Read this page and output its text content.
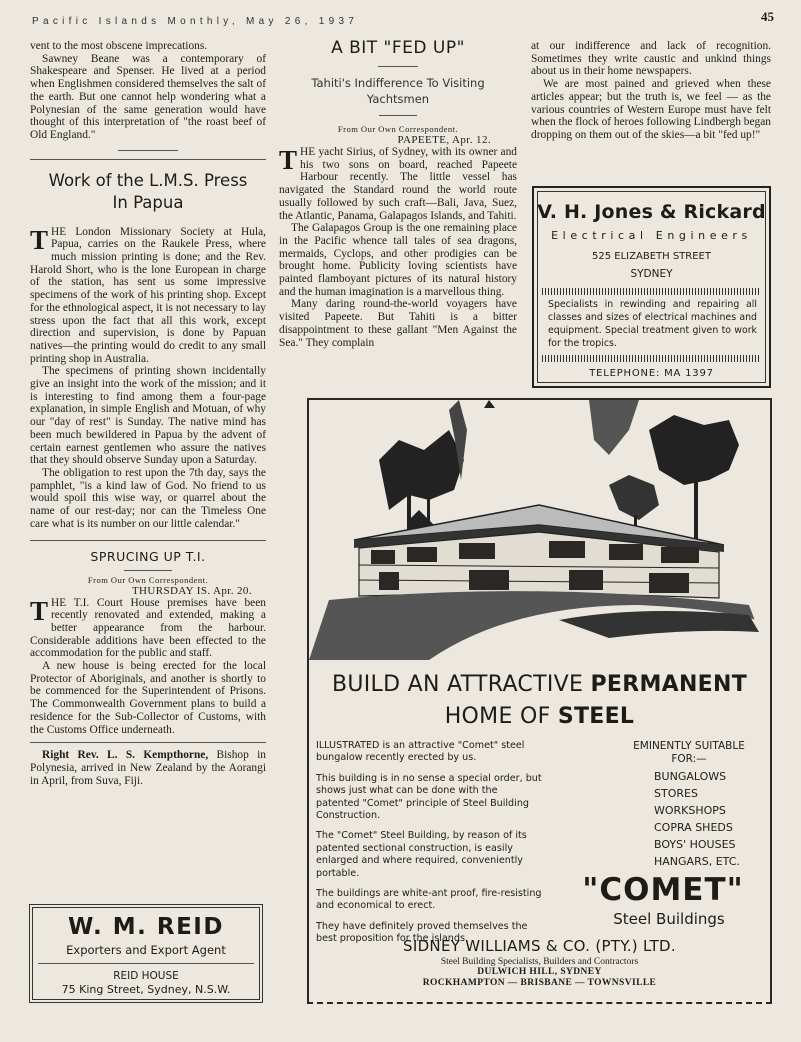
Pacific Islands Monthly, May 26, 1937	45

vent to the most obscene imprecations.

Sawney Beane was a contemporary of Shakespeare and Spenser. He lived at a period when Englishmen considered themselves the salt of the earth. But one cannot help wondering what a Polynesian of the same generation would have thought of this interpretation of "the roast beef of Old England."

Work of the L.M.S. Press In Papua

THE London Missionary Society at Hula, Papua, carries on the Raukele Press, where much mission printing is done; and the Rev. Harold Short, who is the lone European in charge of the station, has sent us some impressive specimens of the work of his printing shop. Except for the ethnological aspect, it is not necessary to lay stress upon the fact that all this work, except direction and supervision, is done by Papuan natives—the printing would do credit to any small printing shop in Australia.

The specimens of printing shown incidentally give an insight into the work of the mission; and it is interesting to find among them a four-page explanation, in simple English and Motuan, of why our "day of rest" is Sunday. The native mind has been much bewildered in Papua by the advent of certain earnest gentlemen who assure the natives that they should observe Sunday upon a Saturday.

The obligation to rest upon the 7th day, says the pamphlet, "is a kind law of God. No friend to us would spoil this wise way, or quarrel about the name of our rest-day; nor can the Timeless One care what is its number on our little calendar."

SPRUCING UP T.I.
From Our Own Correspondent.
THURSDAY IS. Apr. 20.

THE T.I. Court House premises have been recently renovated and extended, making a better appearance from the harbour. Considerable additions have been effected to the accommodation for the public and staff.

A new house is being erected for the local Protector of Aboriginals, and another is shortly to be commenced for the Superintendent of Prisons. The Commonwealth Government plans to build a residence for the Sub-Collector of Customs, with the Customs Office underneath.

Right Rev. L. S. Kempthorne, Bishop in Polynesia, arrived in New Zealand by the Aorangi in April, from Suva, Fiji.

W. M. REID
Exporters and Export Agent
REID HOUSE
75 King Street, Sydney, N.S.W.
A BIT "FED UP"
Tahiti's Indifference To Visiting Yachtsmen
From Our Own Correspondent.
PAPEETE, Apr. 12.

THE yacht Sirius, of Sydney, with its owner and his two sons on board, reached Papeete Harbour recently. The little vessel has navigated the Standard round the world route usually followed by such craft—Bali, Java, Suez, the Atlantic, Panama, Galapagos Islands, and Tahiti.

The Galapagos Group is the one remaining place in the Pacific whence tall tales of sea dragons, mermaids, Cyclops, and other prodigies can be brought home. Publicity loving scientists have painted flamboyant pictures of its natural history and the human imagination is a marvellous thing.

Many daring round-the-world voyagers have visited Papeete. But Tahiti is a bitter disappointment to these gallant "Men Against the Sea." They complain

at our indifference and lack of recognition. Sometimes they write caustic and unkind things about us in their home newspapers.

We are most pained and grieved when these articles appear; but the truth is, we feel — as the various countries of Western Europe must have felt when the flock of heroes following Lindbergh began dropping on them out of the skies—a bit "fed up!"

V. H. Jones & Rickard
Electrical Engineers
525 ELIZABETH STREET
SYDNEY
Specialists in rewinding and repairing all classes and sizes of electrical machines and equipment. Special treatment given to work for the tropics.
TELEPHONE: MA 1397
BUILD AN ATTRACTIVE PERMANENT
HOME OF STEEL

ILLUSTRATED is an attractive "Comet" steel bungalow recently erected by us.

This building is in no sense a special order, but shows just what can be done with the patented "Comet" principle of Steel Building Construction.

The "Comet" Steel Building, by reason of its patented sectional construction, is easily enlarged and where required, conveniently portable.

The buildings are white-ant proof, fire-resisting and economical to erect.

They have definitely proved themselves the best proposition for the islands.

EMINENTLY SUITABLE FOR:—
BUNGALOWS
STORES
WORKSHOPS
COPRA SHEDS
BOYS' HOUSES
HANGARS, ETC.
"COMET"
Steel Buildings
SIDNEY WILLIAMS & CO. (PTY.) LTD.
Steel Building Specialists, Builders and Contractors
DULWICH HILL, SYDNEY
ROCKHAMPTON — BRISBANE — TOWNSVILLE
